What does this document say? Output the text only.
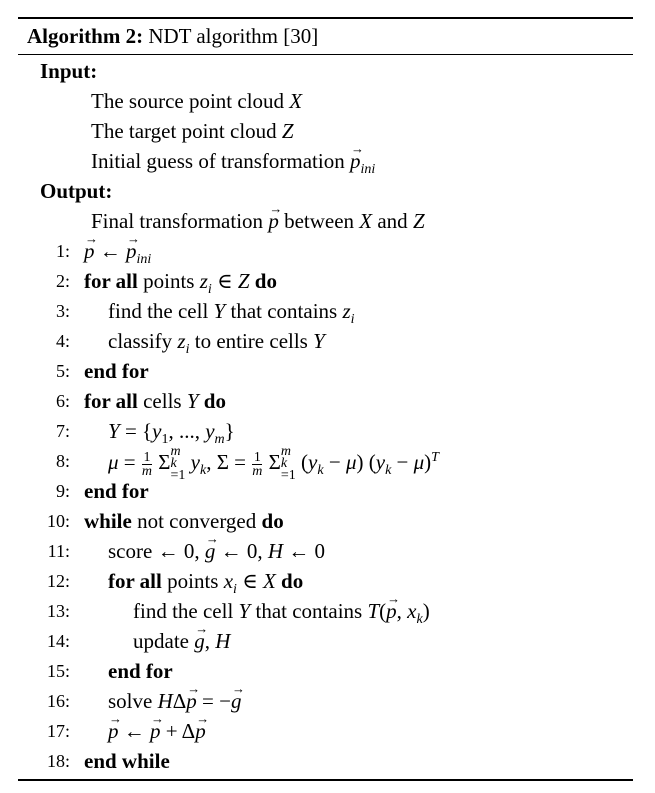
Algorithm 2: NDT algorithm [30]
Input:
The source point cloud X
The target point cloud Z
Initial guess of transformation → $p_{ini}$
Output:
Final transformation → p between X and Z
1: → p ← → $p_{ini}$
2: for all points $z_i$ ∈ Z do
3: find the cell Y that contains $z_i$
4: classify $z_i$ to entire cells Y
5: end for
6: for all cells Y do
7: $Y = \{y_1$, ..., $y_m$}
8: $\mu = \frac{1}{m}$ Σ m
k
=1
$y_k$, $\Sigma = \frac{1}{m}$ Σ m
k
=1
$(y_k - \mu) (y_k - \mu)^T$
9: end for
10: while not converged do
11: score ← 0, → g ← 0, H ← 0
12: for all points $x_i$ ∈ X do
13:	find the cell Y that contains T(→ p, $x_k$)
14:	update → g, H
15: end for
16: solve HΔ→ p = −→ g
17: → p ← → p + Δ→ p
18: end while
